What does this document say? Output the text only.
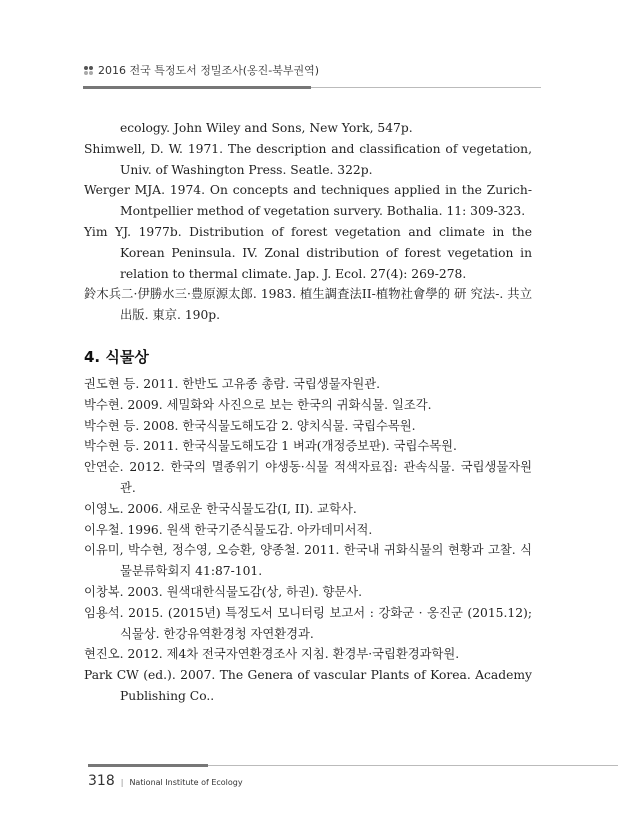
2016 전국 특정도서 정밀조사(옹진-북부권역)
ecology. John Wiley and Sons, New York, 547p.
Shimwell, D. W. 1971. The description and classification of vegetation, Univ. of Washington Press. Seatle. 322p.
Werger MJA. 1974. On concepts and techniques applied in the Zurich-Montpellier method of vegetation survery. Bothalia. 11: 309-323.
Yim YJ. 1977b. Distribution of forest vegetation and climate in the Korean Peninsula. IV. Zonal distribution of forest vegetation in relation to thermal climate. Jap. J. Ecol. 27(4): 269-278.
鈴木兵二·伊勝水三·豊原源太郎. 1983. 植生調査法II-植物社會學的 研 究法-. 共立出版. 東京. 190p.
4. 식물상
권도현 등. 2011. 한반도 고유종 총람. 국립생물자원관.
박수현. 2009. 세밀화와 사진으로 보는 한국의 귀화식물. 일조각.
박수현 등. 2008. 한국식물도해도감 2. 양치식물. 국립수목원.
박수현 등. 2011. 한국식물도해도감 1 벼과(개정증보판). 국립수목원.
안연순. 2012. 한국의 멸종위기 야생동·식물 적색자료집: 관속식물. 국립생물자원관.
이영노. 2006. 새로운 한국식물도감(I, II). 교학사.
이우철. 1996. 원색 한국기준식물도감. 아카데미서적.
이유미, 박수현, 정수영, 오승환, 양종철. 2011. 한국내 귀화식물의 현황과 고찰. 식물분류학회지 41:87-101.
이창복. 2003. 원색대한식물도감(상, 하권). 향문사.
임용석. 2015. (2015년) 특정도서 모니터링 보고서 : 강화군 · 옹진군 (2015.12); 식물상. 한강유역환경청 자연환경과.
현진오. 2012. 제4차 전국자연환경조사 지침. 환경부·국립환경과학원.
Park CW (ed.). 2007. The Genera of vascular Plants of Korea. Academy Publishing Co..
318 | National Institute of Ecology
